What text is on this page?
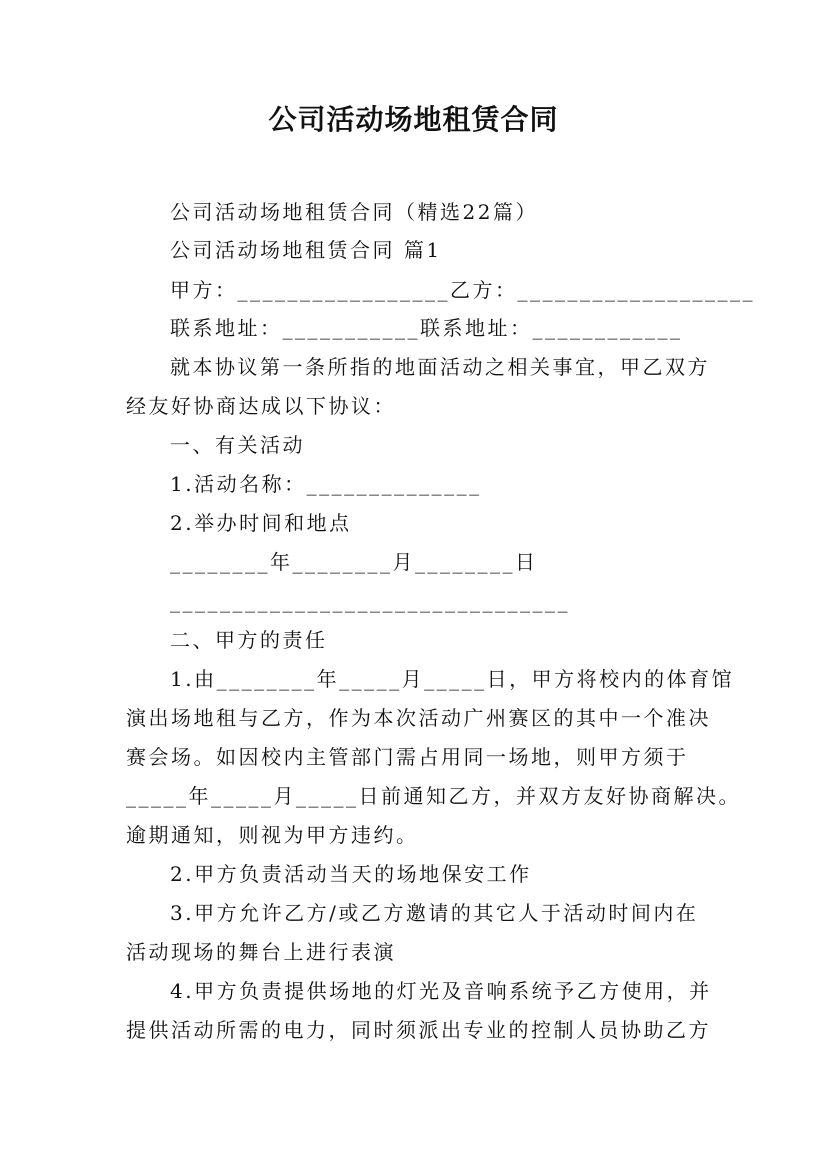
公司活动场地租赁合同
公司活动场地租赁合同（精选22篇）
公司活动场地租赁合同 篇1
甲方：_________________乙方：___________________
联系地址：___________联系地址：____________
就本协议第一条所指的地面活动之相关事宜，甲乙双方
经友好协商达成以下协议：
一、有关活动
1.活动名称：______________
2.举办时间和地点
________年________月________日
________________________________
二、甲方的责任
1.由________年_____月_____日，甲方将校内的体育馆
演出场地租与乙方，作为本次活动广州赛区的其中一个准决
赛会场。如因校内主管部门需占用同一场地，则甲方须于
_____年_____月_____日前通知乙方，并双方友好协商解决。
逾期通知，则视为甲方违约。
2.甲方负责活动当天的场地保安工作
3.甲方允许乙方/或乙方邀请的其它人于活动时间内在
活动现场的舞台上进行表演
4.甲方负责提供场地的灯光及音响系统予乙方使用，并
提供活动所需的电力，同时须派出专业的控制人员协助乙方
